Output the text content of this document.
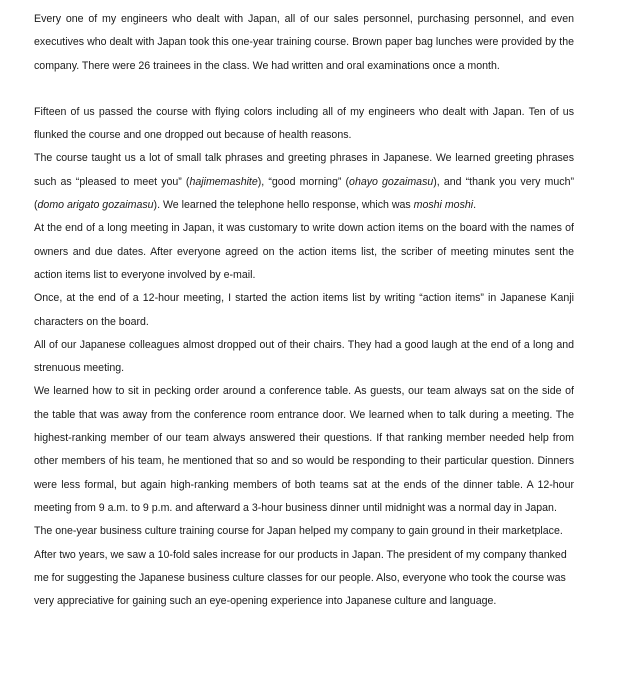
Every one of my engineers who dealt with Japan, all of our sales personnel, purchasing personnel, and even executives who dealt with Japan took this one-year training course. Brown paper bag lunches were provided by the company. There were 26 trainees in the class. We had written and oral examinations once a month.

Fifteen of us passed the course with flying colors including all of my engineers who dealt with Japan. Ten of us flunked the course and one dropped out because of health reasons.

The course taught us a lot of small talk phrases and greeting phrases in Japanese. We learned greeting phrases such as “pleased to meet you” (hajimemashite), “good morning” (ohayo gozaimasu), and “thank you very much” (domo arigato gozaimasu). We learned the telephone hello response, which was moshi moshi.

At the end of a long meeting in Japan, it was customary to write down action items on the board with the names of owners and due dates. After everyone agreed on the action items list, the scriber of meeting minutes sent the action items list to everyone involved by e-mail.

Once, at the end of a 12-hour meeting, I started the action items list by writing “action items” in Japanese Kanji characters on the board.

All of our Japanese colleagues almost dropped out of their chairs. They had a good laugh at the end of a long and strenuous meeting.

We learned how to sit in pecking order around a conference table. As guests, our team always sat on the side of the table that was away from the conference room entrance door. We learned when to talk during a meeting. The highest-ranking member of our team always answered their questions. If that ranking member needed help from other members of his team, he mentioned that so and so would be responding to their particular question. Dinners were less formal, but again high-ranking members of both teams sat at the ends of the dinner table. A 12-hour meeting from 9 a.m. to 9 p.m. and afterward a 3-hour business dinner until midnight was a normal day in Japan.

The one-year business culture training course for Japan helped my company to gain ground in their marketplace. After two years, we saw a 10-fold sales increase for our products in Japan. The president of my company thanked me for suggesting the Japanese business culture classes for our people. Also, everyone who took the course was very appreciative for gaining such an eye-opening experience into Japanese culture and language.
